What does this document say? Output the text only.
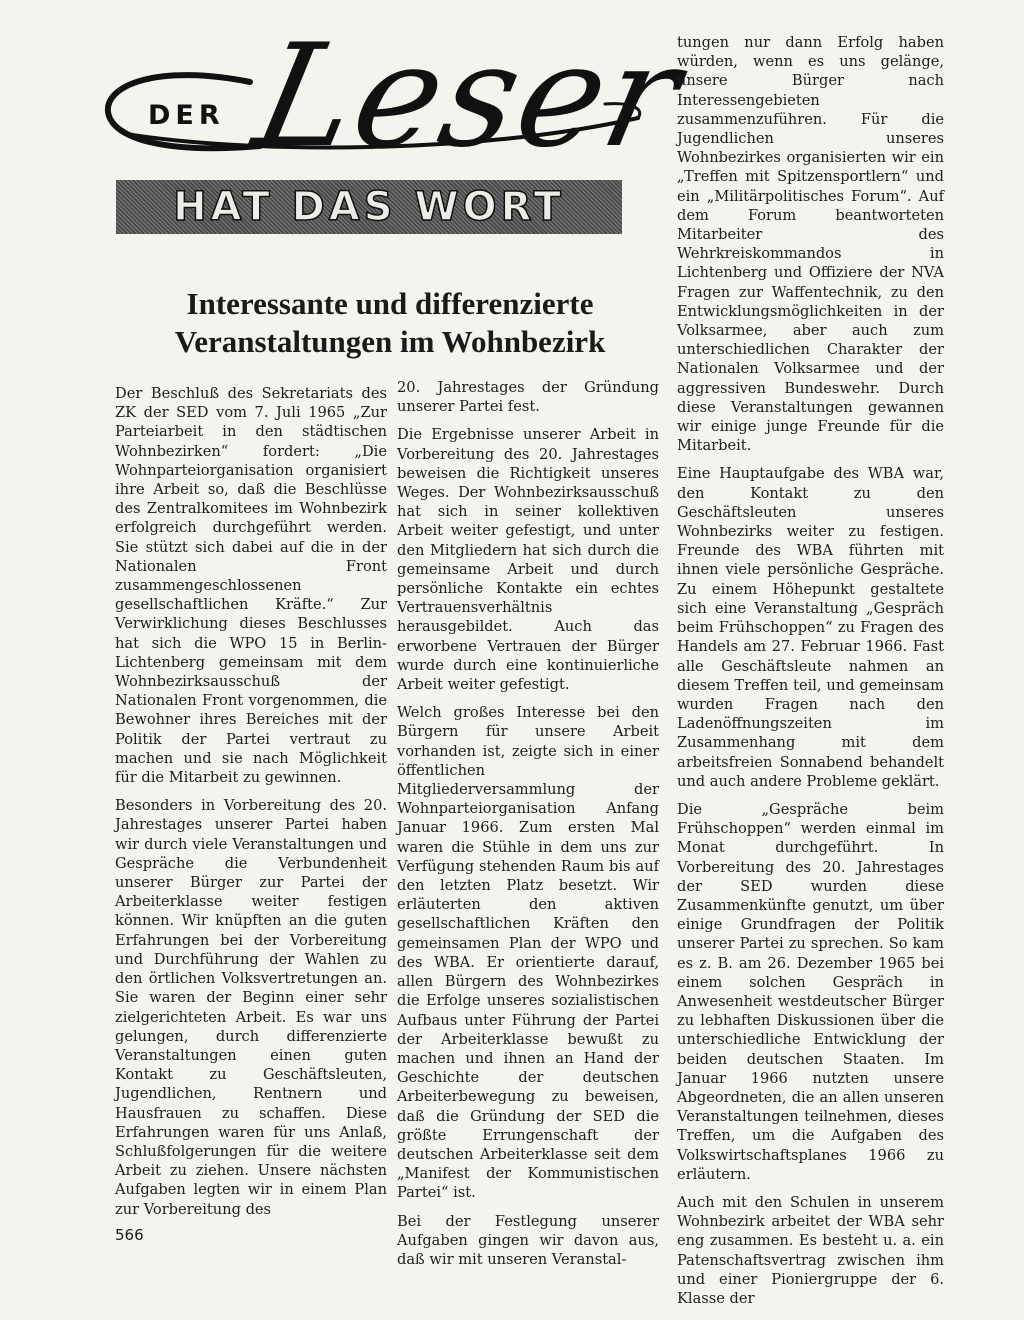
DER Leser
HAT DAS WORT
Interessante und differenzierte
Veranstaltungen im Wohnbezirk

Der Beschluß des Sekretariats des ZK der SED vom 7. Juli 1965 „Zur Parteiarbeit in den städtischen Wohnbezirken“ fordert: „Die Wohnparteiorganisation organisiert ihre Arbeit so, daß die Beschlüsse des Zentralkomitees im Wohnbezirk erfolgreich durchgeführt werden. Sie stützt sich dabei auf die in der Nationalen Front zusammengeschlossenen gesellschaftlichen Kräfte.“ Zur Verwirklichung dieses Beschlusses hat sich die WPO 15 in Berlin-Lichtenberg gemeinsam mit dem Wohnbezirksausschuß der Nationalen Front vorgenommen, die Bewohner ihres Bereiches mit der Politik der Partei vertraut zu machen und sie nach Möglichkeit für die Mitarbeit zu gewinnen.

Besonders in Vorbereitung des 20. Jahrestages unserer Partei haben wir durch viele Veranstaltungen und Gespräche die Verbundenheit unserer Bürger zur Partei der Arbeiterklasse weiter festigen können. Wir knüpften an die guten Erfahrungen bei der Vorbereitung und Durchführung der Wahlen zu den örtlichen Volksvertretungen an. Sie waren der Beginn einer sehr zielgerichteten Arbeit. Es war uns gelungen, durch differenzierte Veranstaltungen einen guten Kontakt zu Geschäftsleuten, Jugendlichen, Rentnern und Hausfrauen zu schaffen. Diese Erfahrungen waren für uns Anlaß, Schlußfolgerungen für die weitere Arbeit zu ziehen. Unsere nächsten Aufgaben legten wir in einem Plan zur Vorbereitung des

20. Jahrestages der Gründung unserer Partei fest.

Die Ergebnisse unserer Arbeit in Vorbereitung des 20. Jahrestages beweisen die Richtigkeit unseres Weges. Der Wohnbezirksausschuß hat sich in seiner kollektiven Arbeit weiter gefestigt, und unter den Mitgliedern hat sich durch die gemeinsame Arbeit und durch persönliche Kontakte ein echtes Vertrauensverhältnis herausgebildet. Auch das erworbene Vertrauen der Bürger wurde durch eine kontinuierliche Arbeit weiter gefestigt.

Welch großes Interesse bei den Bürgern für unsere Arbeit vorhanden ist, zeigte sich in einer öffentlichen Mitgliederversammlung der Wohnparteiorganisation Anfang Januar 1966. Zum ersten Mal waren die Stühle in dem uns zur Verfügung stehenden Raum bis auf den letzten Platz besetzt. Wir erläuterten den aktiven gesellschaftlichen Kräften den gemeinsamen Plan der WPO und des WBA. Er orientierte darauf, allen Bürgern des Wohnbezirkes die Erfolge unseres sozialistischen Aufbaus unter Führung der Partei der Arbeiterklasse bewußt zu machen und ihnen an Hand der Geschichte der deutschen Arbeiterbewegung zu beweisen, daß die Gründung der SED die größte Errungenschaft der deutschen Arbeiterklasse seit dem „Manifest der Kommunistischen Partei“ ist.

Bei der Festlegung unserer Aufgaben gingen wir davon aus, daß wir mit unseren Veranstal-

tungen nur dann Erfolg haben würden, wenn es uns gelänge, unsere Bürger nach Interessengebieten zusammenzuführen. Für die Jugendlichen unseres Wohnbezirkes organisierten wir ein „Treffen mit Spitzensportlern“ und ein „Militärpolitisches Forum“. Auf dem Forum beantworteten Mitarbeiter des Wehrkreiskommandos in Lichtenberg und Offiziere der NVA Fragen zur Waffentechnik, zu den Entwicklungsmöglichkeiten in der Volksarmee, aber auch zum unterschiedlichen Charakter der Nationalen Volksarmee und der aggressiven Bundeswehr. Durch diese Veranstaltungen gewannen wir einige junge Freunde für die Mitarbeit.

Eine Hauptaufgabe des WBA war, den Kontakt zu den Geschäftsleuten unseres Wohnbezirks weiter zu festigen. Freunde des WBA führten mit ihnen viele persönliche Gespräche. Zu einem Höhepunkt gestaltete sich eine Veranstaltung „Gespräch beim Frühschoppen“ zu Fragen des Handels am 27. Februar 1966. Fast alle Geschäftsleute nahmen an diesem Treffen teil, und gemeinsam wurden Fragen nach den Ladenöffnungszeiten im Zusammenhang mit dem arbeitsfreien Sonnabend behandelt und auch andere Probleme geklärt.

Die „Gespräche beim Frühschoppen“ werden einmal im Monat durchgeführt. In Vorbereitung des 20. Jahrestages der SED wurden diese Zusammenkünfte genutzt, um über einige Grundfragen der Politik unserer Partei zu sprechen. So kam es z. B. am 26. Dezember 1965 bei einem solchen Gespräch in Anwesenheit westdeutscher Bürger zu lebhaften Diskussionen über die unterschiedliche Entwicklung der beiden deutschen Staaten. Im Januar 1966 nutzten unsere Abgeordneten, die an allen unseren Veranstaltungen teilnehmen, dieses Treffen, um die Aufgaben des Volkswirtschaftsplanes 1966 zu erläutern.

Auch mit den Schulen in unserem Wohnbezirk arbeitet der WBA sehr eng zusammen. Es besteht u. a. ein Patenschaftsvertrag zwischen ihm und einer Pioniergruppe der 6. Klasse der

566
